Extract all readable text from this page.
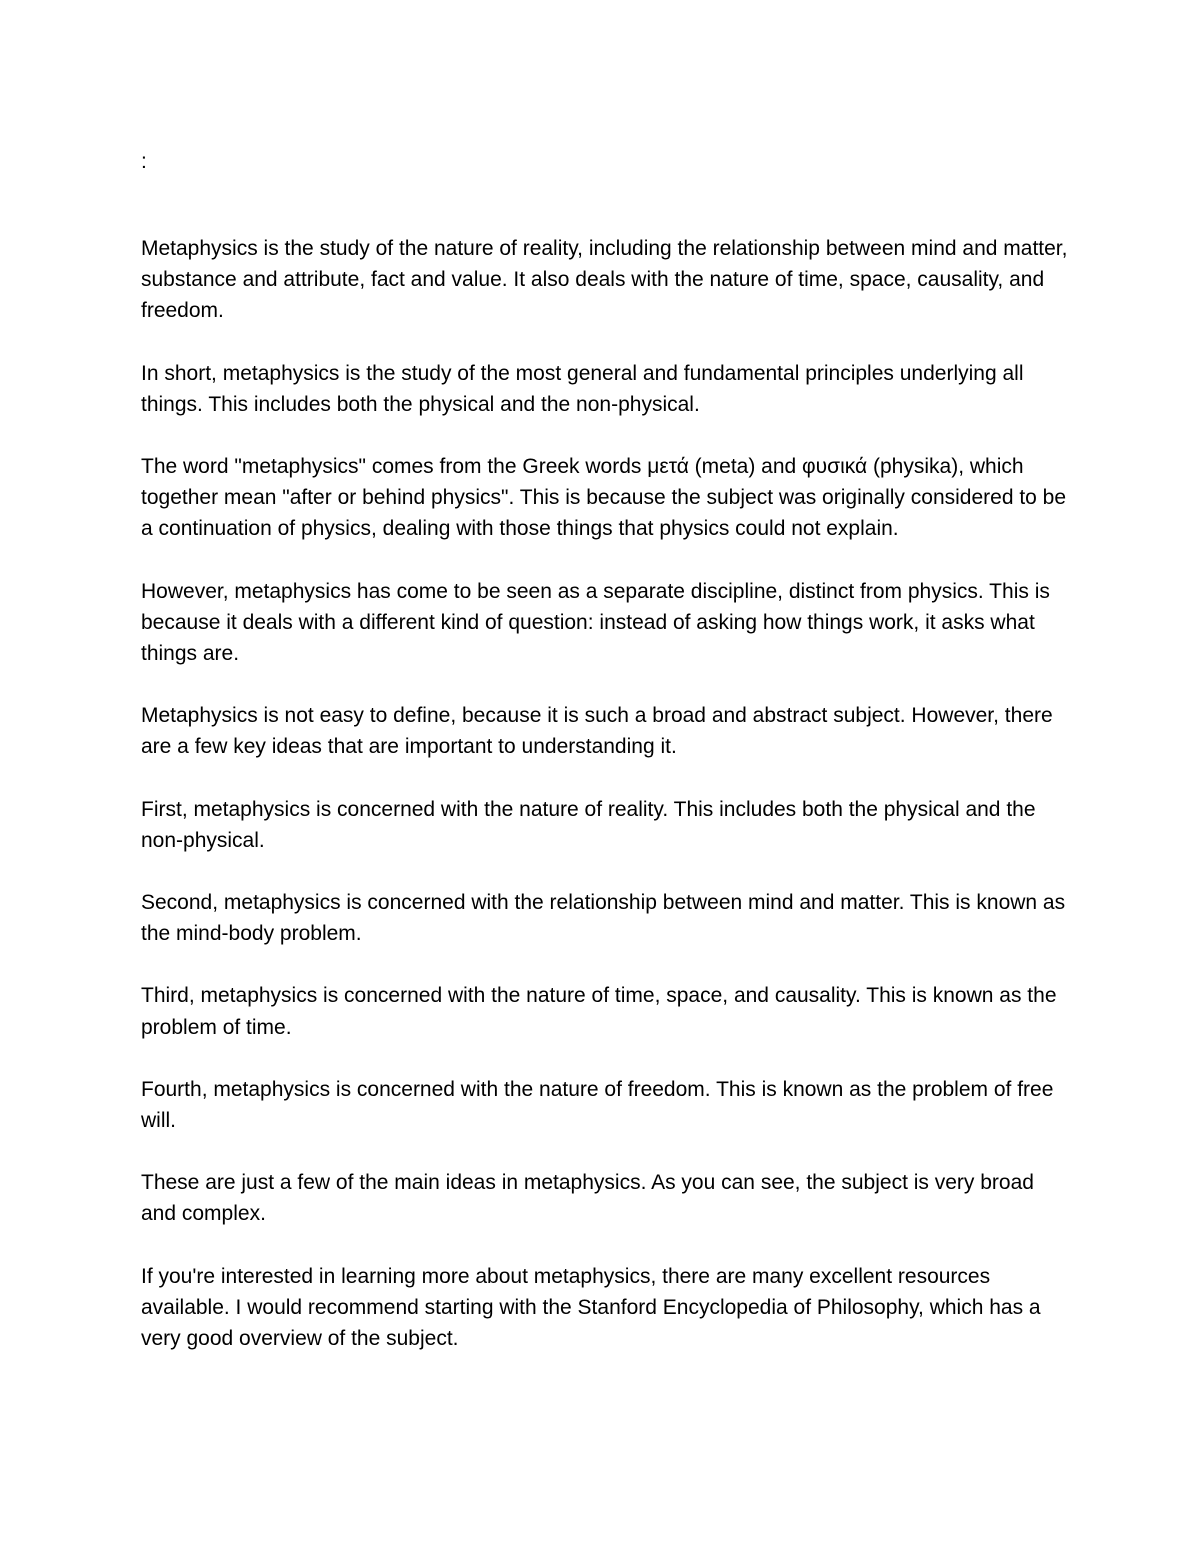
:

Metaphysics is the study of the nature of reality, including the relationship between mind and matter, substance and attribute, fact and value. It also deals with the nature of time, space, causality, and freedom.

In short, metaphysics is the study of the most general and fundamental principles underlying all things. This includes both the physical and the non-physical.

The word "metaphysics" comes from the Greek words μετά (meta) and φυσικά (physika), which together mean "after or behind physics". This is because the subject was originally considered to be a continuation of physics, dealing with those things that physics could not explain.

However, metaphysics has come to be seen as a separate discipline, distinct from physics. This is because it deals with a different kind of question: instead of asking how things work, it asks what things are.

Metaphysics is not easy to define, because it is such a broad and abstract subject. However, there are a few key ideas that are important to understanding it.

First, metaphysics is concerned with the nature of reality. This includes both the physical and the non-physical.

Second, metaphysics is concerned with the relationship between mind and matter. This is known as the mind-body problem.

Third, metaphysics is concerned with the nature of time, space, and causality. This is known as the problem of time.

Fourth, metaphysics is concerned with the nature of freedom. This is known as the problem of free will.

These are just a few of the main ideas in metaphysics. As you can see, the subject is very broad and complex.

If you're interested in learning more about metaphysics, there are many excellent resources available. I would recommend starting with the Stanford Encyclopedia of Philosophy, which has a very good overview of the subject.
